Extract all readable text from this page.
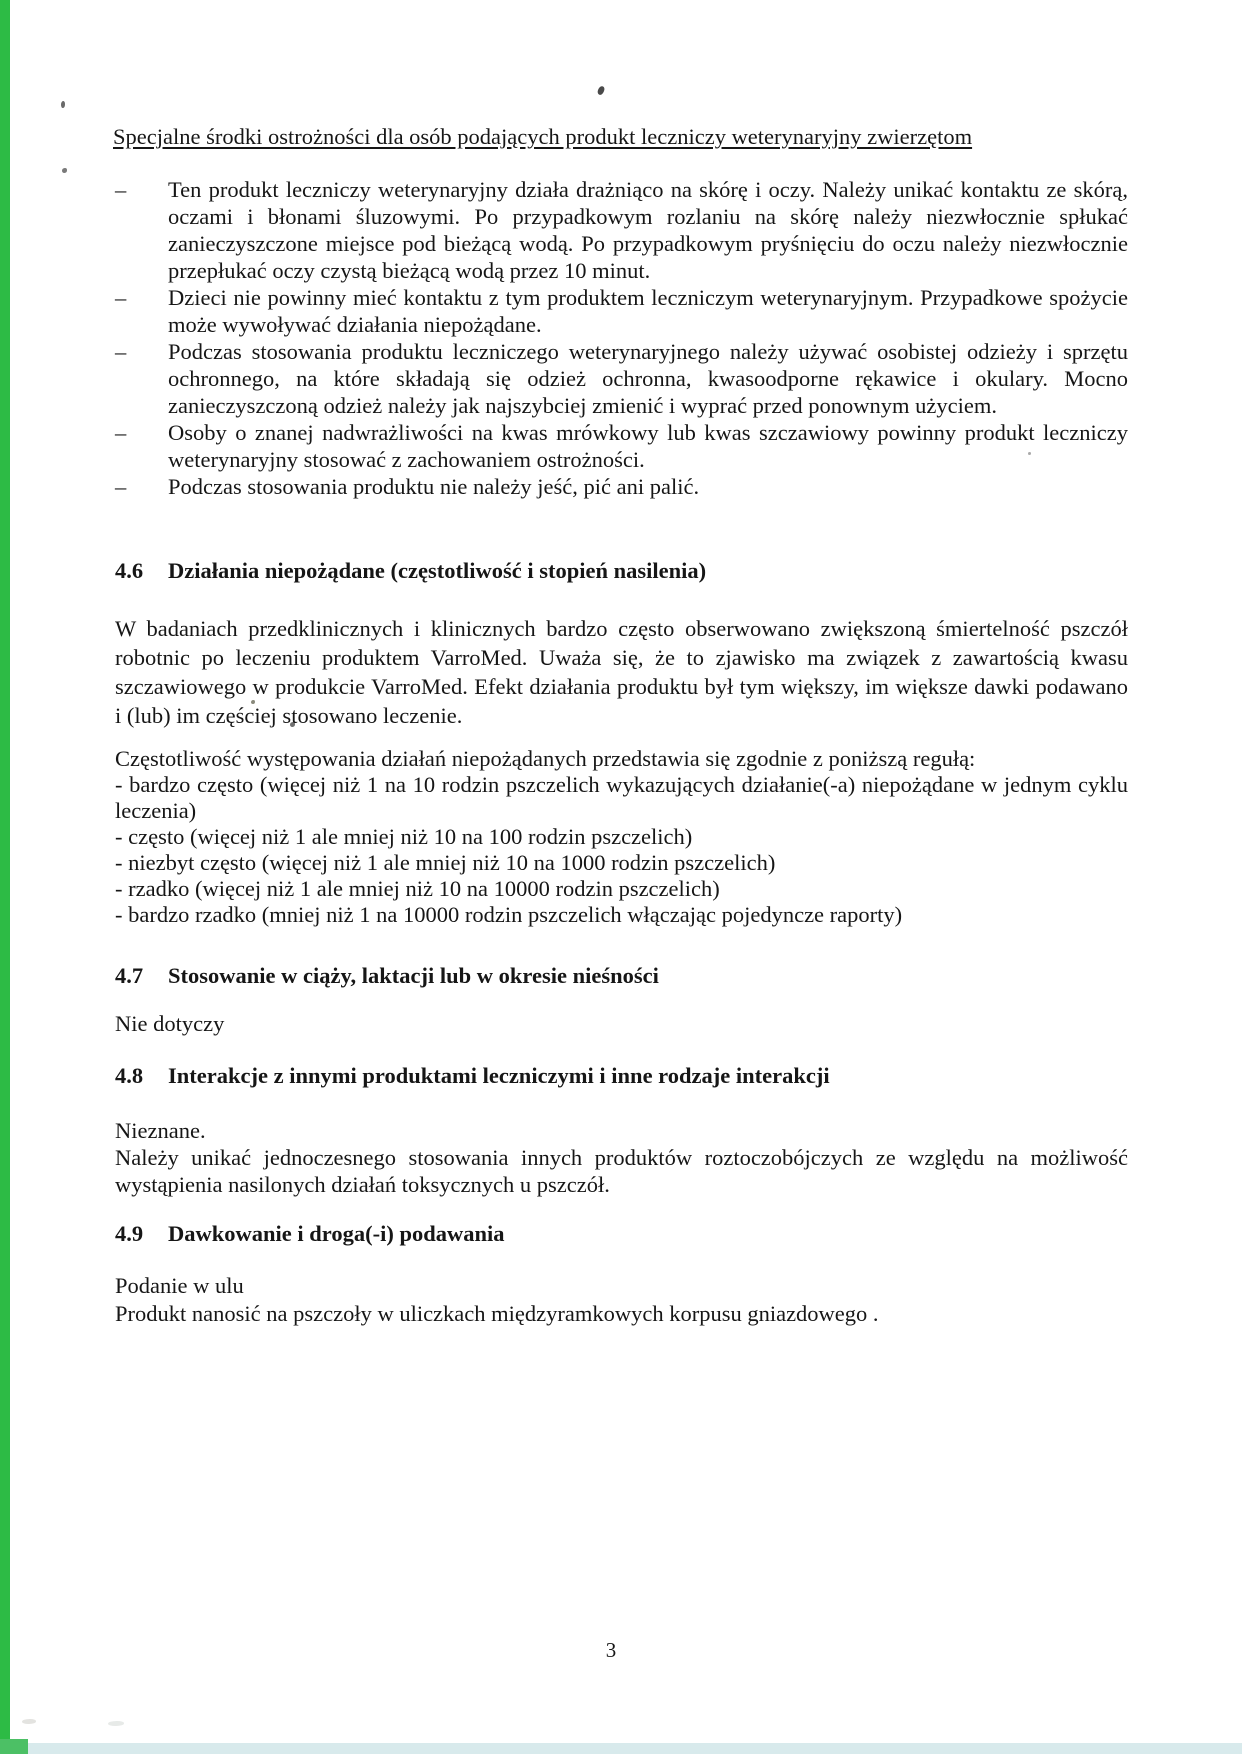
Specjalne środki ostrożności dla osób podających produkt leczniczy weterynaryjny zwierzętom
–	Ten produkt leczniczy weterynaryjny działa drażniąco na skórę i oczy. Należy unikać kontaktu ze skórą, oczami i błonami śluzowymi. Po przypadkowym rozlaniu na skórę należy niezwłocznie spłukać zanieczyszczone miejsce pod bieżącą wodą. Po przypadkowym pryśnięciu do oczu należy niezwłocznie przepłukać oczy czystą bieżącą wodą przez 10 minut.
–	Dzieci nie powinny mieć kontaktu z tym produktem leczniczym weterynaryjnym. Przypadkowe spożycie może wywoływać działania niepożądane.
–	Podczas stosowania produktu leczniczego weterynaryjnego należy używać osobistej odzieży i sprzętu ochronnego, na które składają się odzież ochronna, kwasoodporne rękawice i okulary. Mocno zanieczyszczoną odzież należy jak najszybciej zmienić i wyprać przed ponownym użyciem.
–	Osoby o znanej nadwrażliwości na kwas mrówkowy lub kwas szczawiowy powinny produkt leczniczy weterynaryjny stosować z zachowaniem ostrożności.
–	Podczas stosowania produktu nie należy jeść, pić ani palić.
4.6	Działania niepożądane (częstotliwość i stopień nasilenia)
W badaniach przedklinicznych i klinicznych bardzo często obserwowano zwiększoną śmiertelność pszczół robotnic po leczeniu produktem VarroMed. Uważa się, że to zjawisko ma związek z zawartością kwasu szczawiowego w produkcie VarroMed. Efekt działania produktu był tym większy, im większe dawki podawano i (lub) im częściej stosowano leczenie.
Częstotliwość występowania działań niepożądanych przedstawia się zgodnie z poniższą regułą:
- bardzo często (więcej niż 1 na 10 rodzin pszczelich wykazujących działanie(-a) niepożądane w jednym cyklu leczenia)
- często (więcej niż 1 ale mniej niż 10 na 100 rodzin pszczelich)
- niezbyt często (więcej niż 1 ale mniej niż 10 na 1000 rodzin pszczelich)
- rzadko (więcej niż 1 ale mniej niż 10 na 10000 rodzin pszczelich)
- bardzo rzadko (mniej niż 1 na 10000 rodzin pszczelich włączając pojedyncze raporty)
4.7	Stosowanie w ciąży, laktacji lub w okresie nieśności
Nie dotyczy
4.8	Interakcje z innymi produktami leczniczymi i inne rodzaje interakcji
Nieznane.
Należy unikać jednoczesnego stosowania innych produktów roztoczobójczych ze względu na możliwość wystąpienia nasilonych działań toksycznych u pszczół.
4.9	Dawkowanie i droga(-i) podawania
Podanie w ulu
Produkt nanosić na pszczoły w uliczkach międzyramkowych korpusu gniazdowego .
3
